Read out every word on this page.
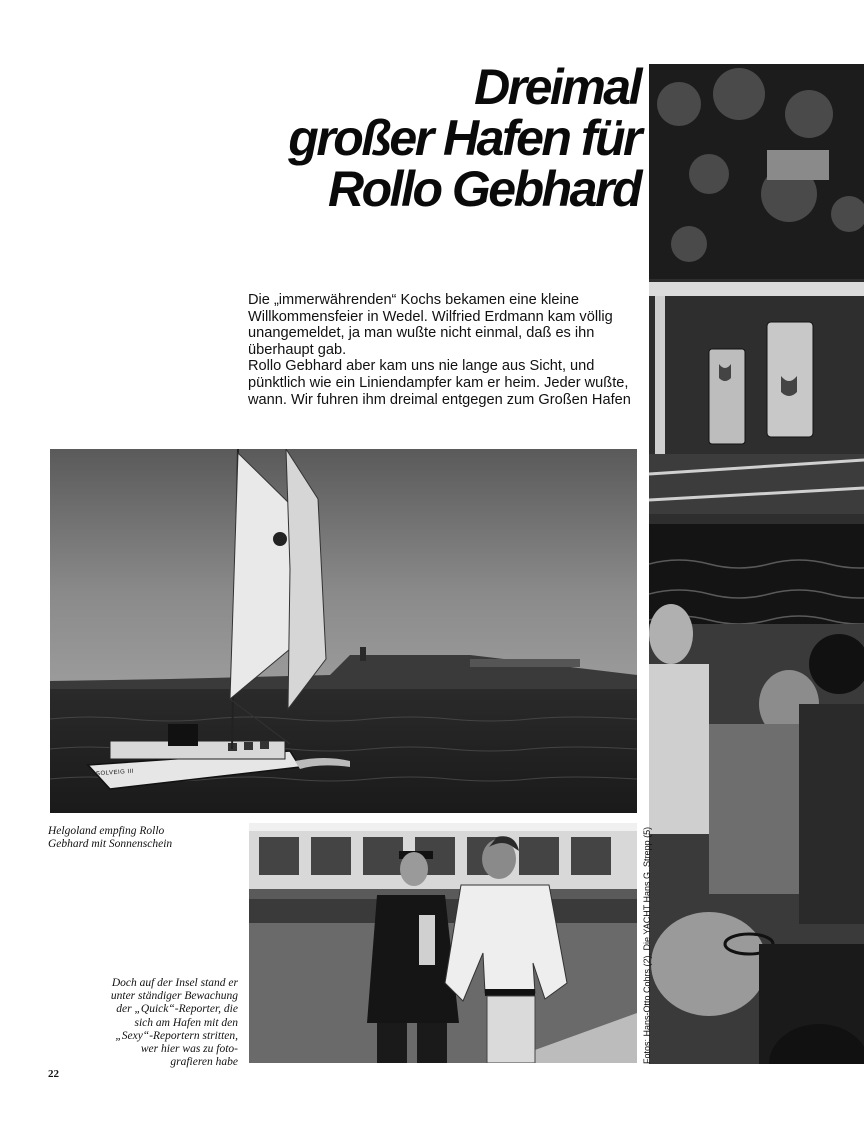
Dreimal
großer Hafen für
Rollo Gebhard

Die „immerwährenden“ Kochs bekamen eine kleine Willkommensfeier in Wedel. Wilfried Erdmann kam völlig unangemeldet, ja man wußte nicht einmal, daß es ihn überhaupt gab.

Rollo Gebhard aber kam uns nie lange aus Sicht, und pünktlich wie ein Liniendampfer kam er heim. Jeder wußte, wann. Wir fuhren ihm dreimal entgegen zum Großen Hafen

SOLVEIG III
Helgoland empfing Rollo
Gebhard mit Sonnenschein
Doch auf der Insel stand er
unter ständiger Bewachung
der „Quick“-Reporter, die
sich am Hafen mit den
„Sexy“-Reportern stritten,
wer hier was zu foto-
grafieren habe	Fotos: Hans-Otto Cohrs (2), Die YACHT Hans G. Strepp (5)
22
